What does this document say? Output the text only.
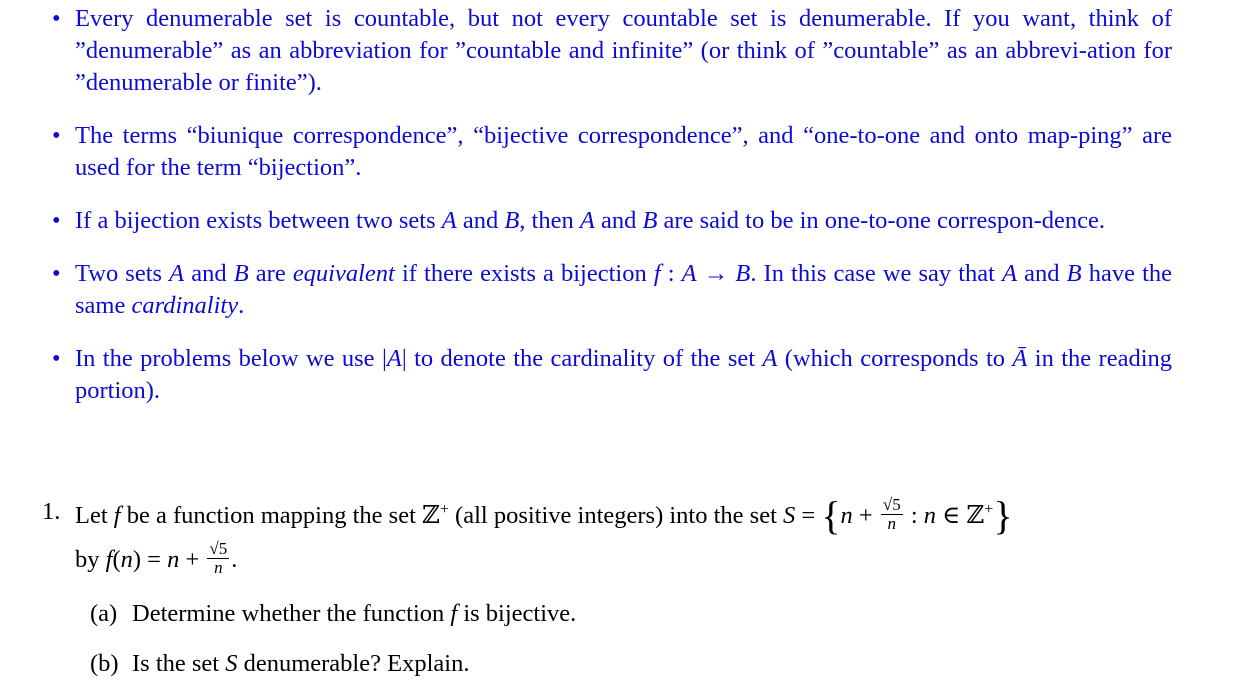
• Every denumerable set is countable, but not every countable set is denumerable. If you want, think of ”denumerable” as an abbreviation for ”countable and infinite” (or think of ”countable” as an abbrevi-ation for ”denumerable or finite”).
• The terms “biunique correspondence”, “bijective correspondence”, and “one-to-one and onto map-ping” are used for the term “bijection”.
• If a bijection exists between two sets A and B, then A and B are said to be in one-to-one correspon-dence.
• Two sets A and B are equivalent if there exists a bijection f : A → B. In this case we say that A and B have the same cardinality.
• In the problems below we use |A| to denote the cardinality of the set A (which corresponds to Ā in the reading portion).
1. Let f be a function mapping the set ℤ+ (all positive integers) into the set $S = \{n + \frac{√5}{n}$ : n ∈ ℤ+}
by $f(n) = n + \frac{√5}{n}$ .
(a) Determine whether the function f is bijective.
(b) Is the set S denumerable? Explain.
